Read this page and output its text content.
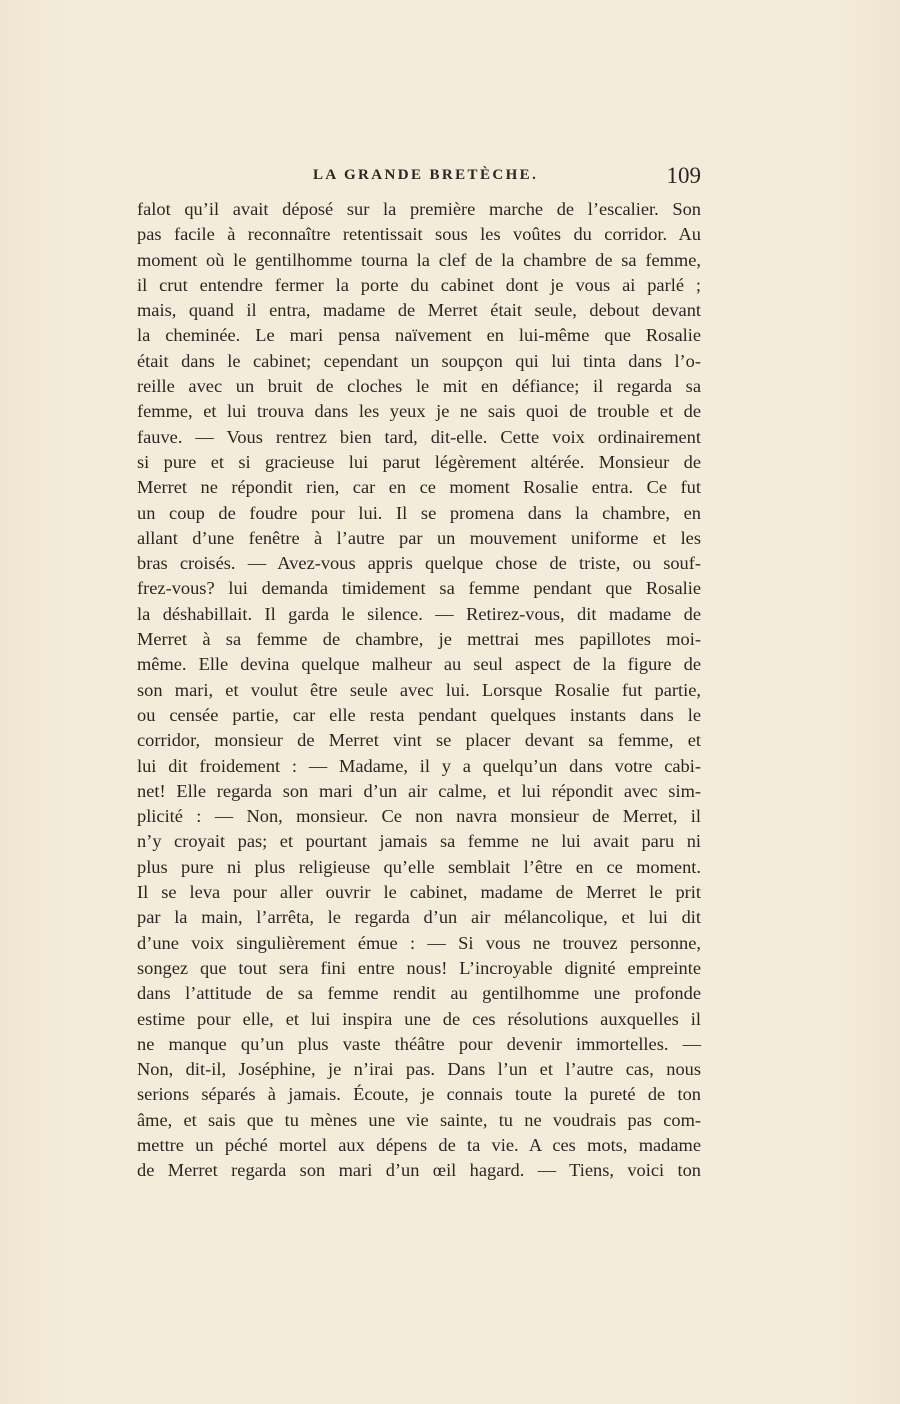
LA GRANDE BRETÈCHE.	109
falot qu’il avait déposé sur la première marche de l’escalier. Son
pas facile à reconnaître retentissait sous les voûtes du corridor. Au
moment où le gentilhomme tourna la clef de la chambre de sa femme,
il crut entendre fermer la porte du cabinet dont je vous ai parlé ;
mais, quand il entra, madame de Merret était seule, debout devant
la cheminée. Le mari pensa naïvement en lui-même que Rosalie
était dans le cabinet; cependant un soupçon qui lui tinta dans l’o-
reille avec un bruit de cloches le mit en défiance; il regarda sa
femme, et lui trouva dans les yeux je ne sais quoi de trouble et de
fauve. — Vous rentrez bien tard, dit-elle. Cette voix ordinairement
si pure et si gracieuse lui parut légèrement altérée. Monsieur de
Merret ne répondit rien, car en ce moment Rosalie entra. Ce fut
un coup de foudre pour lui. Il se promena dans la chambre, en
allant d’une fenêtre à l’autre par un mouvement uniforme et les
bras croisés. — Avez-vous appris quelque chose de triste, ou souf-
frez-vous? lui demanda timidement sa femme pendant que Rosalie
la déshabillait. Il garda le silence. — Retirez-vous, dit madame de
Merret à sa femme de chambre, je mettrai mes papillotes moi-
même. Elle devina quelque malheur au seul aspect de la figure de
son mari, et voulut être seule avec lui. Lorsque Rosalie fut partie,
ou censée partie, car elle resta pendant quelques instants dans le
corridor, monsieur de Merret vint se placer devant sa femme, et
lui dit froidement : — Madame, il y a quelqu’un dans votre cabi-
net! Elle regarda son mari d’un air calme, et lui répondit avec sim-
plicité : — Non, monsieur. Ce non navra monsieur de Merret, il
n’y croyait pas; et pourtant jamais sa femme ne lui avait paru ni
plus pure ni plus religieuse qu’elle semblait l’être en ce moment.
Il se leva pour aller ouvrir le cabinet, madame de Merret le prit
par la main, l’arrêta, le regarda d’un air mélancolique, et lui dit
d’une voix singulièrement émue : — Si vous ne trouvez personne,
songez que tout sera fini entre nous! L’incroyable dignité empreinte
dans l’attitude de sa femme rendit au gentilhomme une profonde
estime pour elle, et lui inspira une de ces résolutions auxquelles il
ne manque qu’un plus vaste théâtre pour devenir immortelles. —
Non, dit-il, Joséphine, je n’irai pas. Dans l’un et l’autre cas, nous
serions séparés à jamais. Écoute, je connais toute la pureté de ton
âme, et sais que tu mènes une vie sainte, tu ne voudrais pas com-
mettre un péché mortel aux dépens de ta vie. A ces mots, madame
de Merret regarda son mari d’un œil hagard. — Tiens, voici ton
